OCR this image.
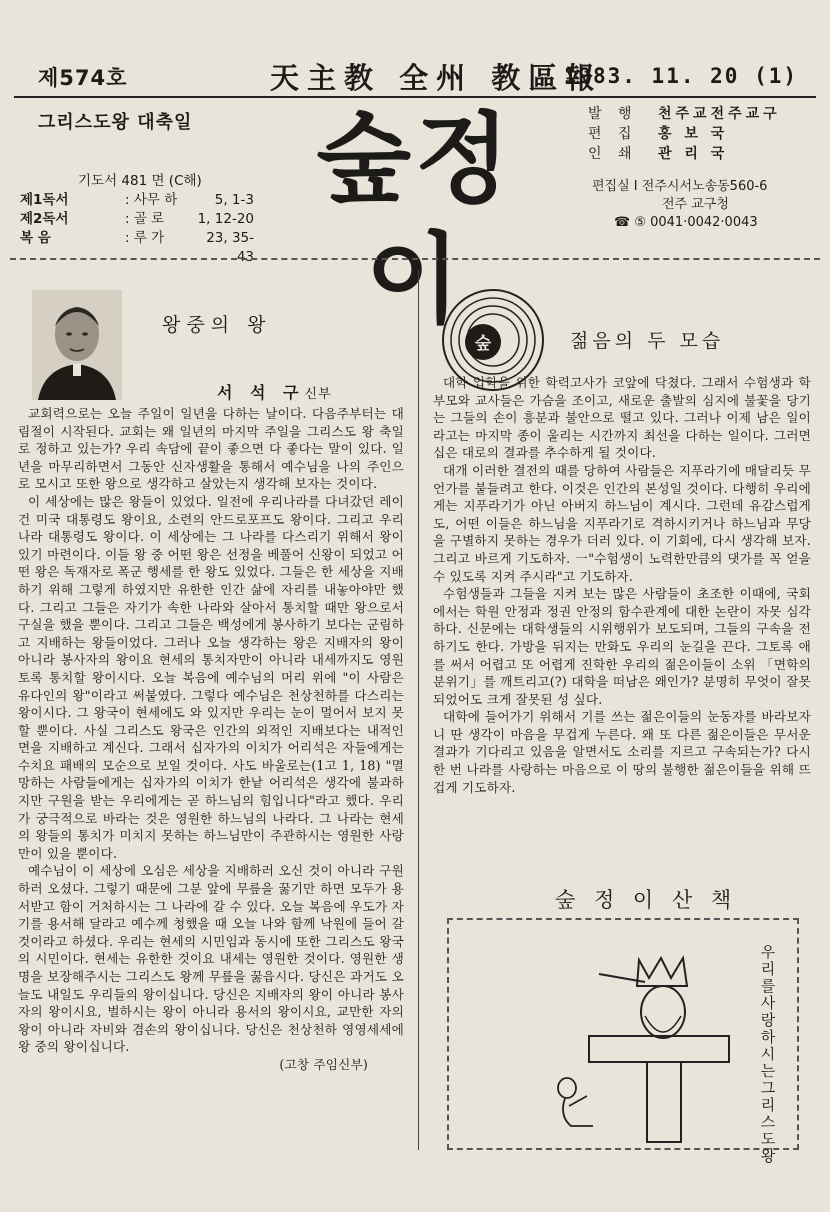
제574호	天主教 全州 教區報
1983. 11. 20 (1)
그리스도왕 대축일
기도서 481 면 (C해)
제1독서	: 사무 하	5, 1-3
제2독서	: 골 로	1, 12-20
복 음	: 루 가	23, 35-43
숲정이
발 행	천주교전주교구
편 집	홍 보 국
인 쇄	관 리 국
편집실 I 전주시서노송동560-6
전주 교구청
☎ ⑤ 0041·0042·0043
왕중의 왕
서 석 구신부

교회력으로는 오늘 주일이 일년을 다하는 날이다. 다음주부터는 대림절이 시작된다. 교회는 왜 일년의 마지막 주일을 그리스도 왕 축일로 정하고 있는가? 우리 속담에 끝이 좋으면 다 좋다는 말이 있다. 일년을 마무리하면서 그동안 신자생활을 통해서 예수님을 나의 주인으로 모시고 또한 왕으로 생각하고 살았는지 생각해 보자는 것이다.

이 세상에는 많은 왕들이 있었다. 일전에 우리나라를 다녀갔던 레이건 미국 대통령도 왕이요, 소련의 안드로포프도 왕이다. 그리고 우리나라 대통령도 왕이다. 이 세상에는 그 나라를 다스리기 위해서 왕이 있기 마련이다. 이들 왕 중 어떤 왕은 선정을 베풀어 신왕이 되었고 어떤 왕은 독재자로 폭군 행세를 한 왕도 있었다. 그들은 한 세상을 지배하기 위해 그렇게 하였지만 유한한 인간 삶에 자리를 내놓아야만 했다. 그리고 그들은 자기가 속한 나라와 살아서 통치할 때만 왕으로서 구실을 했을 뿐이다. 그리고 그들은 백성에게 봉사하기 보다는 군림하고 지배하는 왕들이었다. 그러나 오늘 생각하는 왕은 지배자의 왕이 아니라 봉사자의 왕이요 현세의 통치자만이 아니라 내세까지도 영원토록 통치할 왕이시다. 오늘 복음에 예수님의 머리 위에 "이 사람은 유다인의 왕"이라고 써붙였다. 그렇다 예수님은 천상천하를 다스리는 왕이시다. 그 왕국이 현세에도 와 있지만 우리는 눈이 멀어서 보지 못할 뿐이다. 사실 그리스도 왕국은 인간의 외적인 지배보다는 내적인 면을 지배하고 계신다. 그래서 십자가의 이치가 어리석은 자들에게는 수치요 패배의 모순으로 보일 것이다. 사도 바울로는(1고 1, 18) "멸망하는 사람들에게는 십자가의 이치가 한낱 어리석은 생각에 불과하지만 구원을 받는 우리에게는 곧 하느님의 힘입니다"라고 했다. 우리가 궁극적으로 바라는 것은 영원한 하느님의 나라다. 그 나라는 현세의 왕들의 통치가 미치지 못하는 하느님만이 주관하시는 영원한 사랑만이 있을 뿐이다.

예수님이 이 세상에 오심은 세상을 지배하러 오신 것이 아니라 구원하러 오셨다. 그렇기 때문에 그분 앞에 무릎을 꿇기만 하면 모두가 용서받고 함이 거처하시는 그 나라에 갈 수 있다. 오늘 복음에 우도가 자기를 용서해 달라고 예수께 청했을 때 오늘 나와 함께 낙원에 들어 갈 것이라고 하셨다. 우리는 현세의 시민임과 동시에 또한 그리스도 왕국의 시민이다. 현세는 유한한 것이요 내세는 영원한 것이다. 영원한 생명을 보장해주시는 그리스도 왕께 무릎을 꿇읍시다. 당신은 과거도 오늘도 내일도 우리들의 왕이십니다. 당신은 지배자의 왕이 아니라 봉사자의 왕이시요, 벌하시는 왕이 아니라 용서의 왕이시요, 교만한 자의 왕이 아니라 자비와 겸손의 왕이십니다. 당신은 천상천하 영영세세에 왕 중의 왕이십니다.

(고창 주임신부)
숲	젊음의 두 모습

대학 입학을 위한 학력고사가 코앞에 닥쳤다. 그래서 수험생과 학부모와 교사들은 가슴을 조이고, 새로운 출발의 심지에 불꽃을 당기는 그들의 손이 흥분과 불안으로 떨고 있다. 그러나 이제 남은 일이라고는 마지막 종이 울리는 시간까지 최선을 다하는 일이다. 그러면 십은 대로의 결과를 추수하게 될 것이다.

대개 이러한 결전의 때를 당하여 사람들은 지푸라기에 매달리듯 무언가를 붙들려고 한다. 이것은 인간의 본성일 것이다. 다행히 우리에게는 지푸라기가 아닌 아버지 하느님이 계시다. 그런데 유감스럽게도, 어떤 이들은 하느님을 지푸라기로 격하시키거나 하느님과 무당을 구별하지 못하는 경우가 더러 있다. 이 기회에, 다시 생각해 보자. 그리고 바르게 기도하자. 一"수험생이 노력한만큼의 댓가를 꼭 얻을 수 있도록 지켜 주시라"고 기도하자.

수험생들과 그들을 지켜 보는 많은 사람들이 초조한 이때에, 국회에서는 학원 안정과 정권 안정의 함수관계에 대한 논란이 자못 심각하다. 신문에는 대학생들의 시위행위가 보도되며, 그들의 구속을 전하기도 한다. 가방을 뒤지는 만화도 우리의 눈길을 끈다. 그토록 애를 써서 어렵고 또 어렵게 진학한 우리의 젊은이들이 소위 「면학의 분위기」를 깨트리고(?) 대학을 떠남은 왜인가? 분명히 무엇이 잘못되었어도 크게 잘못된 성 싶다.

대학에 들어가기 위해서 기를 쓰는 젊은이들의 눈동자를 바라보자니 딴 생각이 마음을 무겁게 누른다. 왜 또 다른 젊은이들은 무서운 결과가 기다리고 있음을 알면서도 소리를 지르고 구속되는가? 다시 한 번 나라를 사랑하는 마음으로 이 땅의 불행한 젊은이들을 위해 뜨겁게 기도하자.

숲 정 이 산 책
우리를 사랑하시는 그리스도왕
